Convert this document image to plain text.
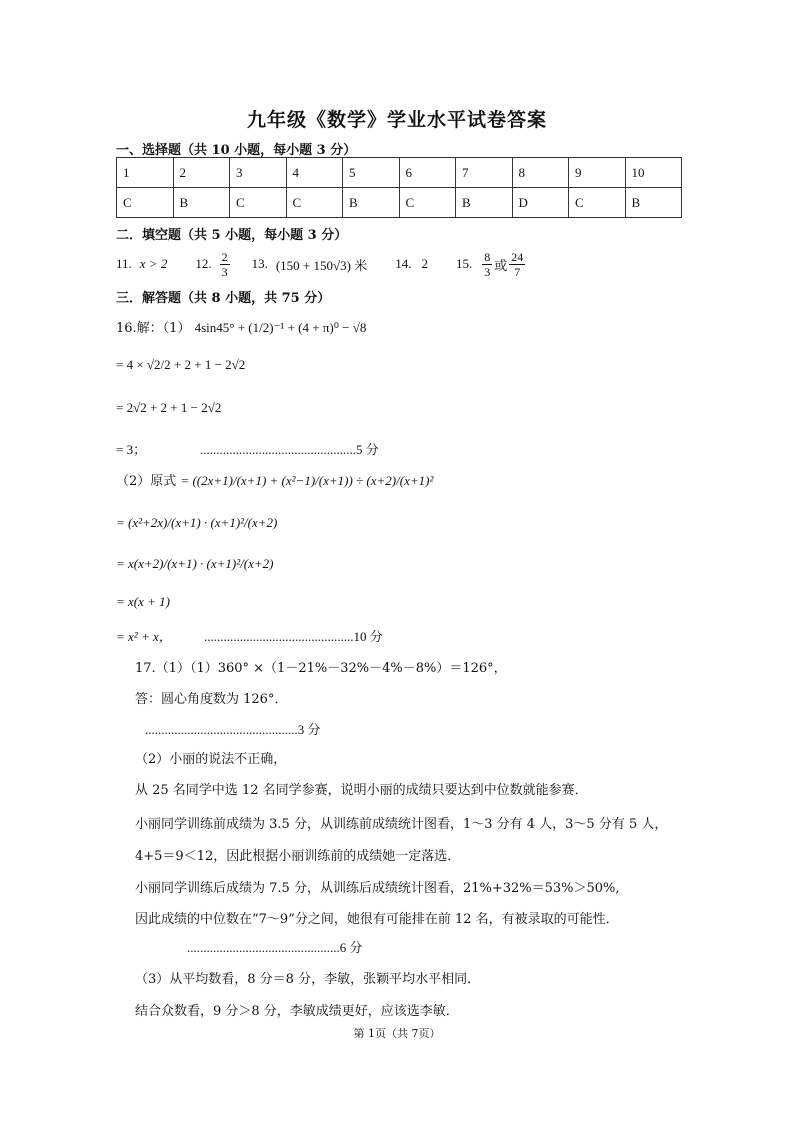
九年级《数学》学业水平试卷答案
一、选择题（共 10 小题，每小题 3 分）
1	2	3	4	5	6	7	8	9	10
C	B	C	C	B	C	B	D	C	B
二．填空题（共 5 小题，每小题 3 分）
11. x > 2 12. $\frac{2}{3} 13$. (150 + 150√3) 米 14. 2 15. $\frac{8}{3}$ 或 $\frac{24}{7}$
三．解答题（共 8 小题，共 75 分）
16.解：（1） 4sin45° + (1/2)⁻¹ + (4 + π)⁰ − √8
= 4 × √2/2 + 2 + 1 − 2√2
= 2√2 + 2 + 1 − 2√2
= 3；	................................................5 分
（2）原式 = ((2x+1)/(x+1) + (x²−1)/(x+1)) ÷ (x+2)/(x+1)²
= (x²+2x)/(x+1) · (x+1)²/(x+2)
= x(x+2)/(x+1) · (x+1)²/(x+2)
= x(x + 1)
= x² + x， ..............................................10 分
17.（1）（1）360° ×（1－21%－32%－4%－8%）＝126°，
答：圆心角度数为 126°．
...............................................3 分
（2）小丽的说法不正确，
从 25 名同学中选 12 名同学参赛，说明小丽的成绩只要达到中位数就能参赛．
小丽同学训练前成绩为 3.5 分，从训练前成绩统计图看，1～3 分有 4 人，3～5 分有 5 人，
4+5＝9＜12，因此根据小丽训练前的成绩她一定落选．
小丽同学训练后成绩为 7.5 分，从训练后成绩统计图看，21%+32%＝53%＞50%,
因此成绩的中位数在“7～9”分之间，她很有可能排在前 12 名，有被录取的可能性．
...............................................6 分
（3）从平均数看，8 分＝8 分，李敏，张颖平均水平相同．
结合众数看，9 分＞8 分，李敏成绩更好，应该选李敏．
第 1页（共 7页）
